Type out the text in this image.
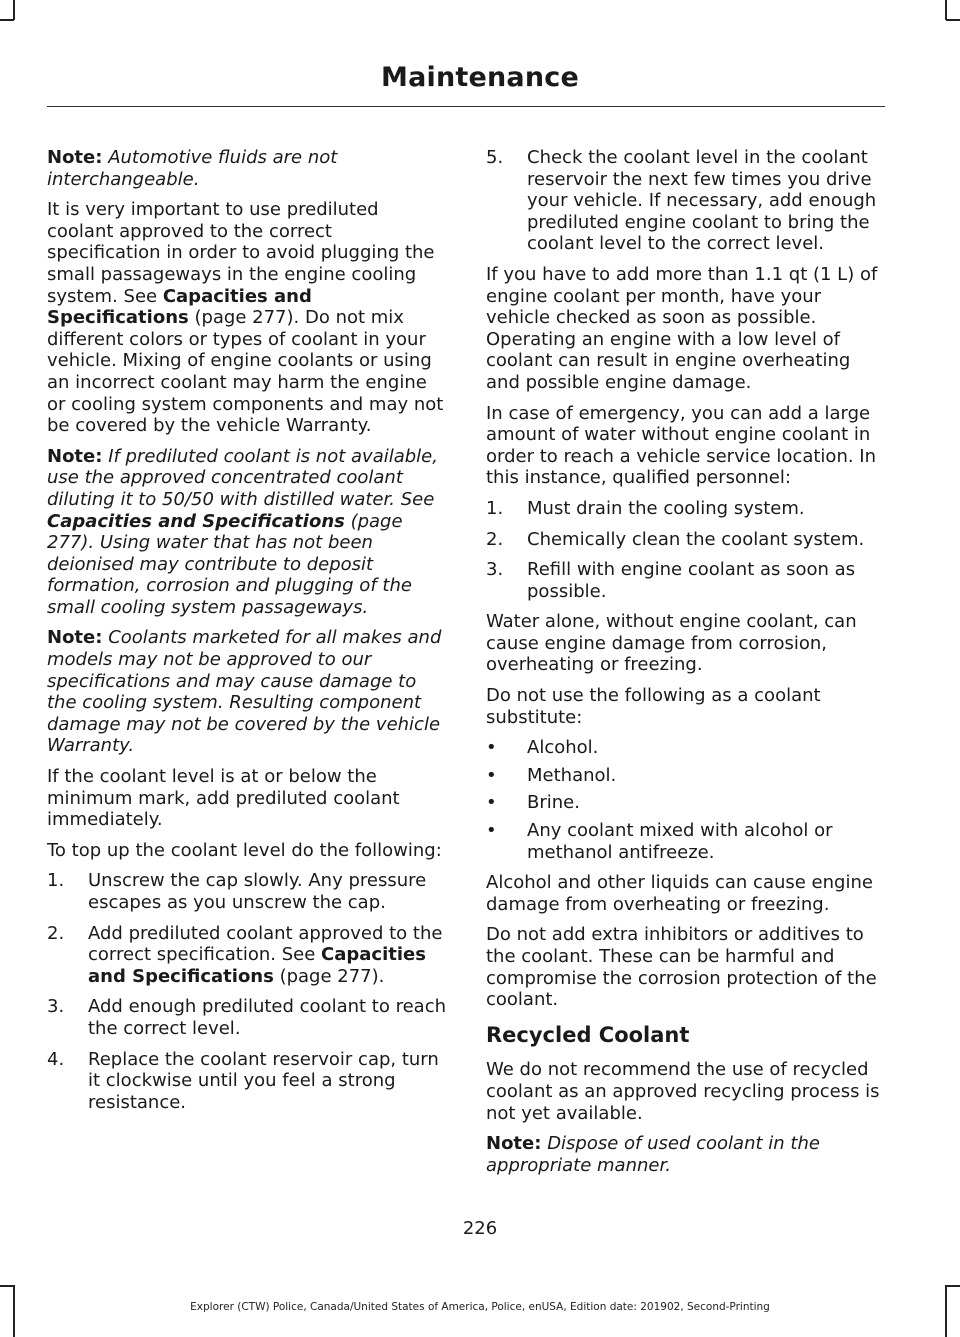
Maintenance

Note: Automotive fluids are not interchangeable.

It is very important to use prediluted coolant approved to the correct specification in order to avoid plugging the small passageways in the engine cooling system. See Capacities and Specifications (page 277). Do not mix different colors or types of coolant in your vehicle. Mixing of engine coolants or using an incorrect coolant may harm the engine or cooling system components and may not be covered by the vehicle Warranty.

Note: If prediluted coolant is not available, use the approved concentrated coolant diluting it to 50/50 with distilled water. See Capacities and Specifications (page 277). Using water that has not been deionised may contribute to deposit formation, corrosion and plugging of the small cooling system passageways.

Note: Coolants marketed for all makes and models may not be approved to our specifications and may cause damage to the cooling system. Resulting component damage may not be covered by the vehicle Warranty.

If the coolant level is at or below the minimum mark, add prediluted coolant immediately.

To top up the coolant level do the following:

1. Unscrew the cap slowly. Any pressure escapes as you unscrew the cap.
2. Add prediluted coolant approved to the correct specification. See Capacities and Specifications (page 277).
3. Add enough prediluted coolant to reach the correct level.
4. Replace the coolant reservoir cap, turn it clockwise until you feel a strong resistance.
5. Check the coolant level in the coolant reservoir the next few times you drive your vehicle. If necessary, add enough prediluted engine coolant to bring the coolant level to the correct level.

If you have to add more than 1.1 qt (1 L) of engine coolant per month, have your vehicle checked as soon as possible. Operating an engine with a low level of coolant can result in engine overheating and possible engine damage.

In case of emergency, you can add a large amount of water without engine coolant in order to reach a vehicle service location. In this instance, qualified personnel:

1. Must drain the cooling system.
2. Chemically clean the coolant system.
3. Refill with engine coolant as soon as possible.

Water alone, without engine coolant, can cause engine damage from corrosion, overheating or freezing.

Do not use the following as a coolant substitute:

• Alcohol.
• Methanol.
• Brine.
• Any coolant mixed with alcohol or methanol antifreeze.

Alcohol and other liquids can cause engine damage from overheating or freezing.

Do not add extra inhibitors or additives to the coolant. These can be harmful and compromise the corrosion protection of the coolant.

Recycled Coolant

We do not recommend the use of recycled coolant as an approved recycling process is not yet available.

Note: Dispose of used coolant in the appropriate manner.

226
Explorer (CTW) Police, Canada/United States of America, Police, enUSA, Edition date: 201902, Second-Printing
